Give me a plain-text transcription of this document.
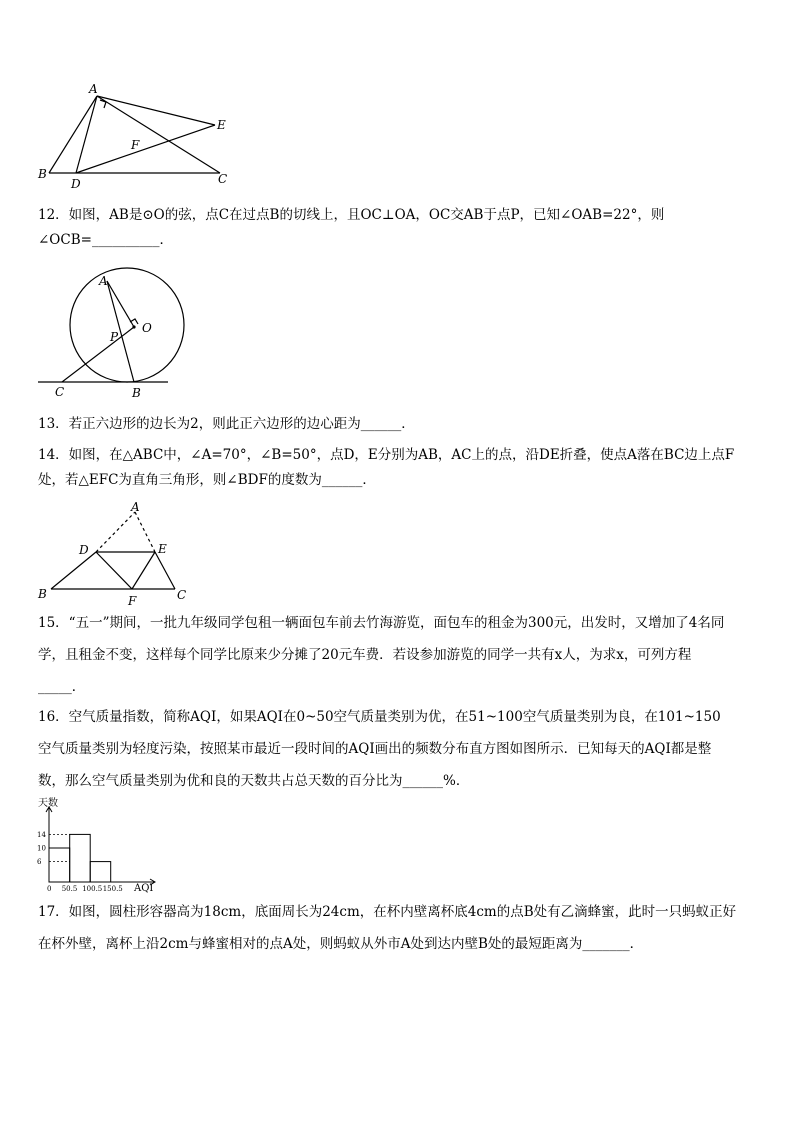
A
B	C
D
E
F
12．如图，AB是⊙O的弦，点C在过点B的切线上，且OC⊥OA，OC交AB于点P，已知∠OAB=22°，则
∠OCB=__________．
A
O
P
C	B
13．若正六边形的边长为2，则此正六边形的边心距为______．
14．如图，在△ABC中，∠A=70°，∠B=50°，点D，E分别为AB，AC上的点，沿DE折叠，使点A落在BC边上点F
处，若△EFC为直角三角形，则∠BDF的度数为______．
A
B	C
D	E
F
15．“五一”期间，一批九年级同学包租一辆面包车前去竹海游览，面包车的租金为300元，出发时，又增加了4名同
学，且租金不变，这样每个同学比原来少分摊了20元车费．若设参加游览的同学一共有x人，为求x，可列方程
_____．
16．空气质量指数，简称AQI，如果AQI在0~50空气质量类别为优，在51~100空气质量类别为良，在101~150
空气质量类别为轻度污染，按照某市最近一段时间的AQI画出的频数分布直方图如图所示．已知每天的AQI都是整
数，那么空气质量类别为优和良的天数共占总天数的百分比为______%．
天数
AQI
6
10
14
0 50.5 100.5 150.5
17．如图，圆柱形容器高为18cm，底面周长为24cm，在杯内壁离杯底4cm的点B处有乙滴蜂蜜，此时一只蚂蚁正好
在杯外壁，离杯上沿2cm与蜂蜜相对的点A处，则蚂蚁从外市A处到达内壁B处的最短距离为_______．
